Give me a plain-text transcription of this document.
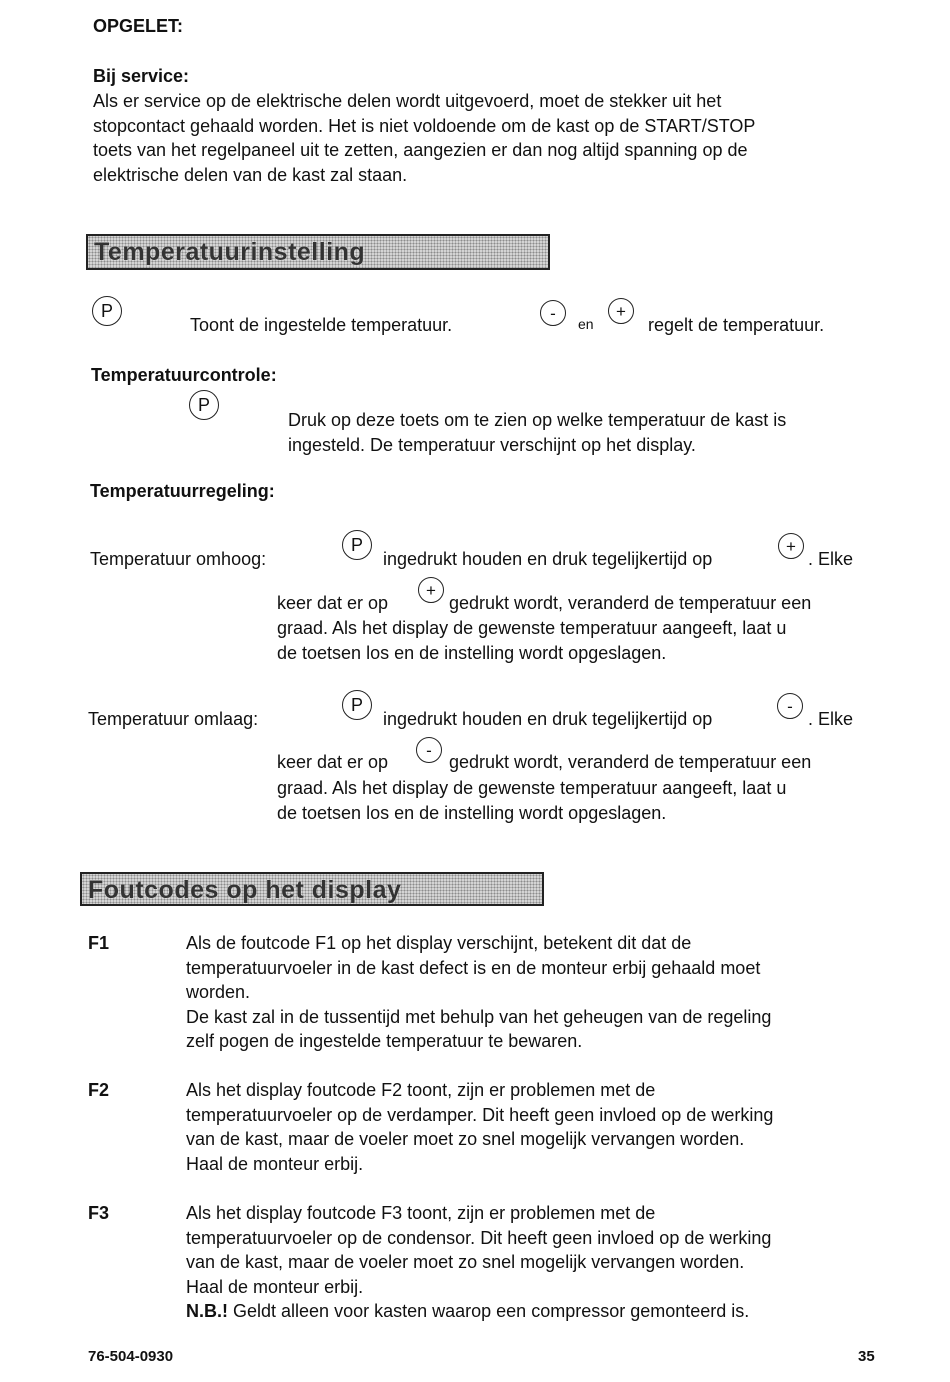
OPGELET:
Bij service:
Als er service op de elektrische delen wordt uitgevoerd, moet de stekker uit het
stopcontact gehaald worden. Het is niet voldoende om de kast op de START/STOP
toets van het regelpaneel uit te zetten, aangezien er dan nog altijd spanning op de
elektrische delen van de kast zal staan.
Temperatuurinstelling
P
Toont de ingestelde temperatuur.
-
en
+
regelt de temperatuur.
Temperatuurcontrole:
P
Druk op deze toets om te zien op welke temperatuur de kast is
ingesteld. De temperatuur verschijnt op het display.
Temperatuurregeling:
Temperatuur omhoog:
P
ingedrukt houden en druk tegelijkertijd op
+
. Elke
keer dat er op
+
gedrukt wordt, veranderd de temperatuur een
graad. Als het display de gewenste temperatuur aangeeft, laat u
de toetsen los en de instelling wordt opgeslagen.
Temperatuur omlaag:
P
ingedrukt houden en druk tegelijkertijd op
-
. Elke
keer dat er op
-
gedrukt wordt, veranderd de temperatuur een
graad. Als het display de gewenste temperatuur aangeeft, laat u
de toetsen los en de instelling wordt opgeslagen.
Foutcodes op het display
F1	Als de foutcode F1 op het display verschijnt, betekent dit dat de
temperatuurvoeler in de kast defect is en de monteur erbij gehaald moet
worden.
De kast zal in de tussentijd met behulp van het geheugen van de regeling
zelf pogen de ingestelde temperatuur te bewaren.
F2	Als het display foutcode F2 toont, zijn er problemen met de
temperatuurvoeler op de verdamper. Dit heeft geen invloed op de werking
van de kast, maar de voeler moet zo snel mogelijk vervangen worden.
Haal de monteur erbij.
F3	Als het display foutcode F3 toont, zijn er problemen met de
temperatuurvoeler op de condensor. Dit heeft geen invloed op de werking
van de kast, maar de voeler moet zo snel mogelijk vervangen worden.
Haal de monteur erbij.
N.B.! Geldt alleen voor kasten waarop een compressor gemonteerd is.
76-504-0930	35
